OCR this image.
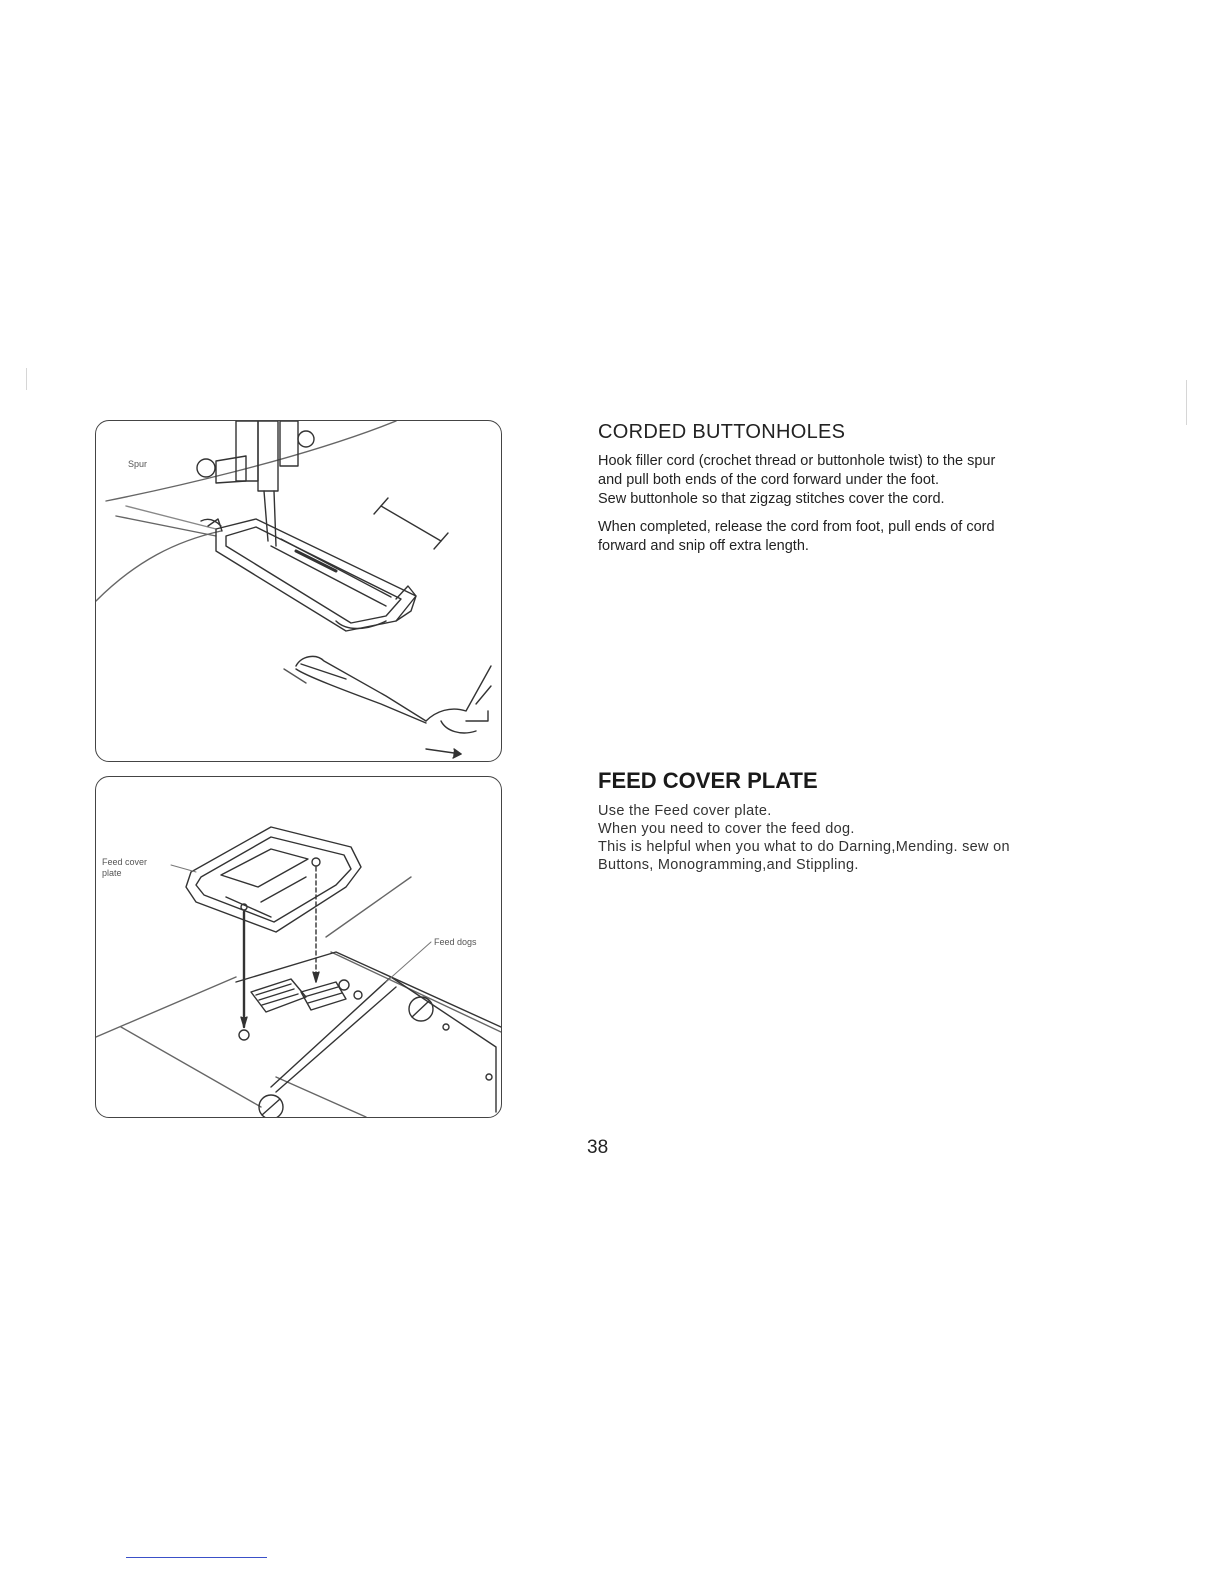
Spur
Feed cover
plate
Feed dogs
CORDED BUTTONHOLES

Hook filler cord (crochet thread or buttonhole twist) to the spur

and pull both ends of the cord forward under the foot.

Sew buttonhole so that zigzag stitches cover the cord.

When completed, release the cord from foot, pull ends of cord

forward and snip off extra length.

FEED COVER PLATE

Use the Feed cover plate.

When you need to cover the feed dog.

This is helpful when you what to do Darning,Mending. sew on

Buttons, Monogramming,and Stippling.

38
